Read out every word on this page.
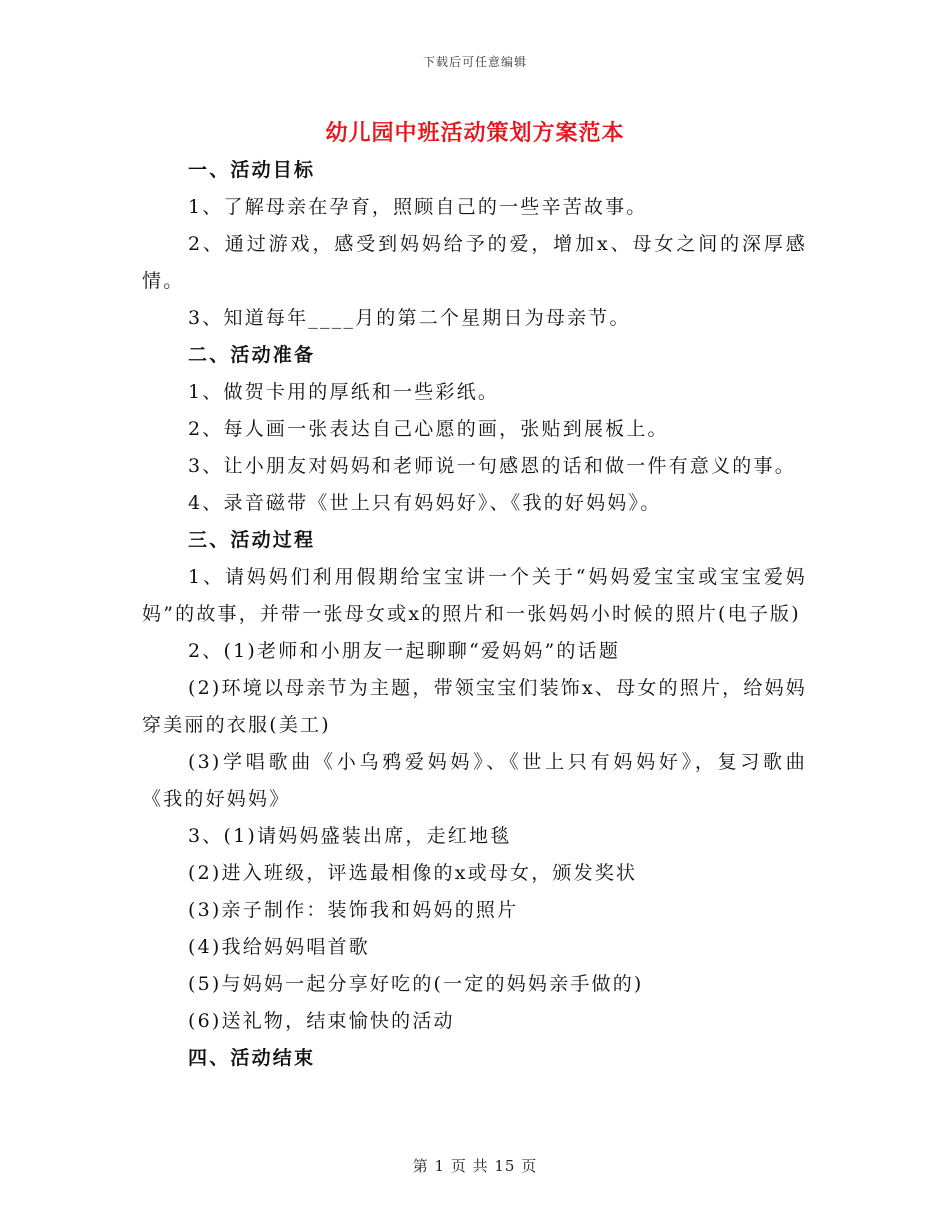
下载后可任意编辑
幼儿园中班活动策划方案范本
一、活动目标
1、了解母亲在孕育，照顾自己的一些辛苦故事。
2、通过游戏，感受到妈妈给予的爱，增加x、母女之间的深厚感情。
3、知道每年____月的第二个星期日为母亲节。
二、活动准备
1、做贺卡用的厚纸和一些彩纸。
2、每人画一张表达自己心愿的画，张贴到展板上。
3、让小朋友对妈妈和老师说一句感恩的话和做一件有意义的事。
4、录音磁带《世上只有妈妈好》、《我的好妈妈》。
三、活动过程
1、请妈妈们利用假期给宝宝讲一个关于“妈妈爱宝宝或宝宝爱妈妈”的故事，并带一张母女或x的照片和一张妈妈小时候的照片(电子版)
2、(1)老师和小朋友一起聊聊“爱妈妈”的话题
(2)环境以母亲节为主题，带领宝宝们装饰x、母女的照片，给妈妈穿美丽的衣服(美工)
(3)学唱歌曲《小乌鸦爱妈妈》、《世上只有妈妈好》，复习歌曲《我的好妈妈》
3、(1)请妈妈盛装出席，走红地毯
(2)进入班级，评选最相像的x或母女，颁发奖状
(3)亲子制作：装饰我和妈妈的照片
(4)我给妈妈唱首歌
(5)与妈妈一起分享好吃的(一定的妈妈亲手做的)
(6)送礼物，结束愉快的活动
四、活动结束
第 1 页 共 15 页
